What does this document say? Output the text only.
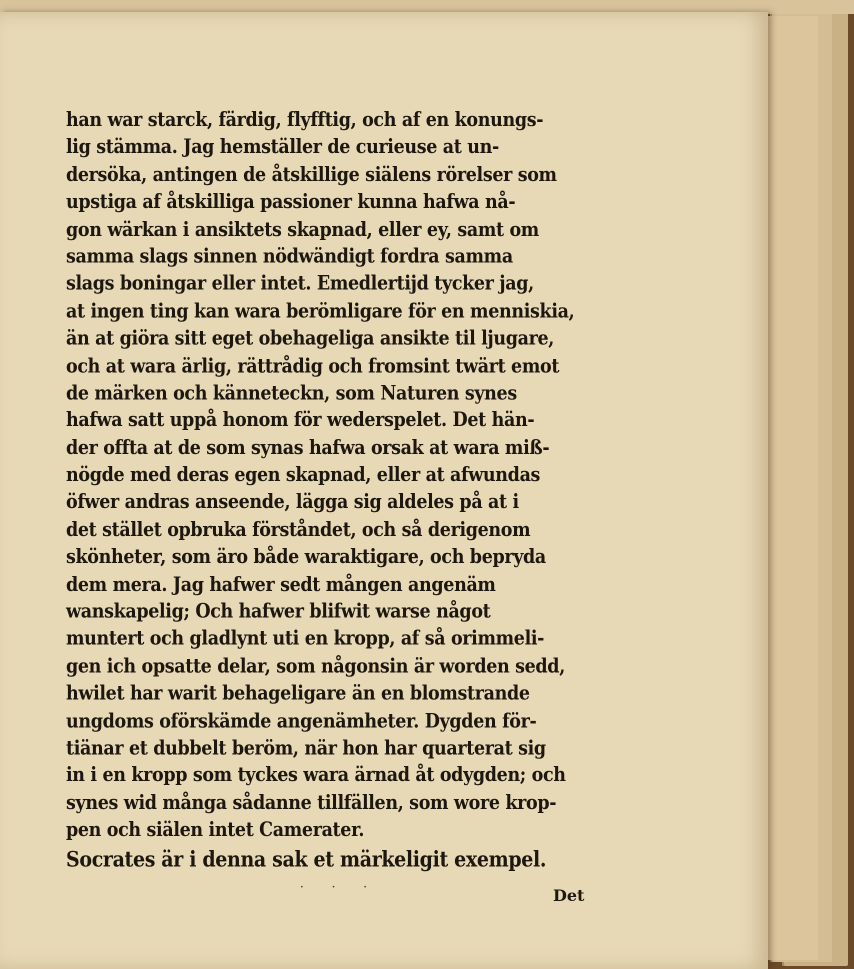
han war starck, färdig, flyfftig, och af en konungs-

lig stämma. Jag hemställer de curieuse at un-

dersöka, antingen de åtskillige siälens rörelser som

upstiga af åtskilliga passioner kunna hafwa nå-

gon wärkan i ansiktets skapnad, eller ey, samt om

samma slags sinnen nödwändigt fordra samma

slags boningar eller intet. Emedlertijd tycker jag,

at ingen ting kan wara berömligare för en menniskia,

än at giöra sitt eget obehageliga ansikte til ljugare,

och at wara ärlig, rättrådig och fromsint twärt emot

de märken och känneteckn, som Naturen synes

hafwa satt uppå honom för wederspelet. Det hän-

der offta at de som synas hafwa orsak at wara miß-

nögde med deras egen skapnad, eller at afwundas

öfwer andras anseende, lägga sig aldeles på at i

det stället opbruka förståndet, och så derigenom

skönheter, som äro både waraktigare, och bepryda

dem mera. Jag hafwer sedt mången angenäm

wanskapelig; Och hafwer blifwit warse något

muntert och gladlynt uti en kropp, af så orimmeli-

gen ich opsatte delar, som någonsin är worden sedd,

hwilet har warit behageligare än en blomstrande

ungdoms oförskämde angenämheter. Dygden för-

tiänar et dubbelt beröm, när hon har quarterat sig

in i en kropp som tyckes wara ärnad åt odygden; och

synes wid många sådanne tillfällen, som wore krop-

pen och siälen intet Camerater.

Socrates är i denna sak et märkeligit exempel.

· · ·	Det
